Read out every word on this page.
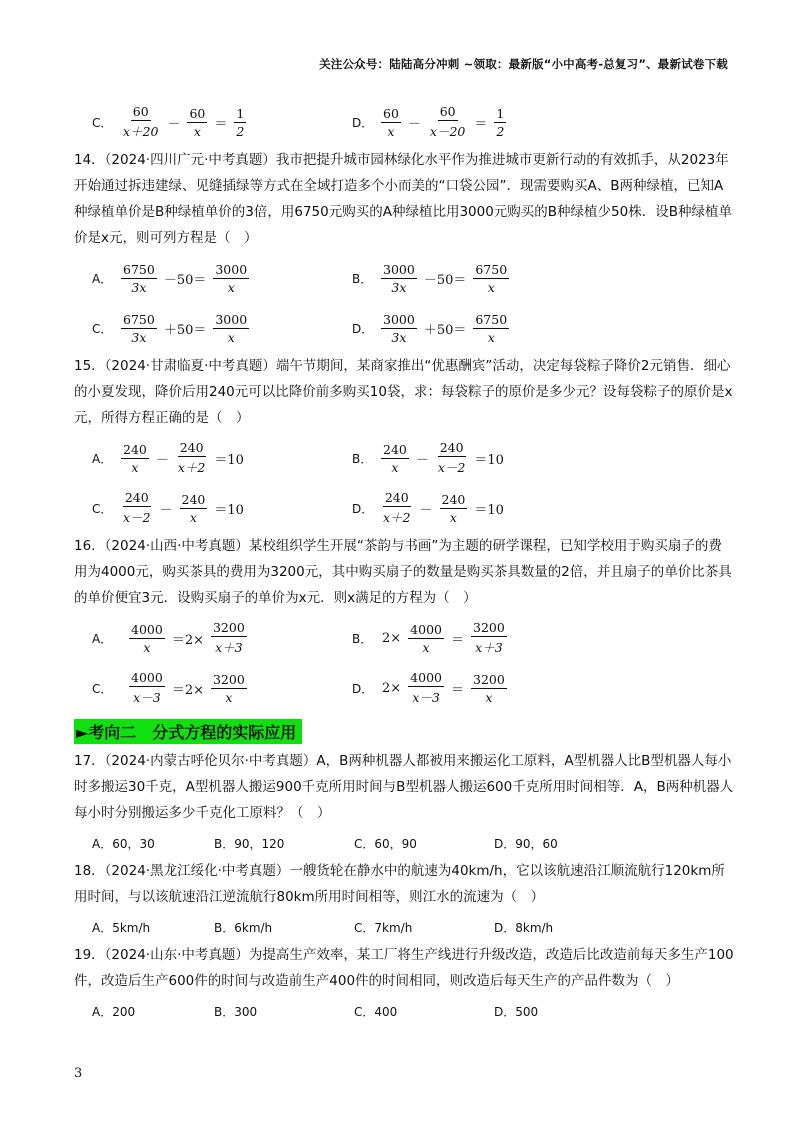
关注公众号：陆陆高分冲刺 ~领取：最新版“小中高考-总复习”、最新试卷下载
C． $\frac{60}{x+20} - \frac{60}{x} = \frac{1}{2}$	D． $\frac{60}{x} - \frac{60}{x-20} = \frac{1}{2}$

14．（2024·四川广元·中考真题）我市把提升城市园林绿化水平作为推进城市更新行动的有效抓手，从2023年开始通过拆违建绿、见缝插绿等方式在全域打造多个小而美的“口袋公园”．现需要购买A、B两种绿植，已知A种绿植单价是B种绿植单价的3倍，用6750元购买的A种绿植比用3000元购买的B种绿植少50株．设B种绿植单价是x元，则可列方程是（　）

A． $\frac{6750}{3x} -50= \frac{3000}{x}$	B． $\frac{3000}{3x} -50= \frac{6750}{x}$
C． $\frac{6750}{3x} +50= \frac{3000}{x}$	D． $\frac{3000}{3x} +50= \frac{6750}{x}$

15．（2024·甘肃临夏·中考真题）端午节期间，某商家推出“优惠酬宾”活动，决定每袋粽子降价2元销售．细心的小夏发现，降价后用240元可以比降价前多购买10袋，求：每袋粽子的原价是多少元？设每袋粽子的原价是x元，所得方程正确的是（　）

A． $\frac{240}{x} - \frac{240}{x+2} =10$	B． $\frac{240}{x} - \frac{240}{x-2} =10$
C． $\frac{240}{x-2} - \frac{240}{x} =10$	D． $\frac{240}{x+2} - \frac{240}{x} =10$

16．（2024·山西·中考真题）某校组织学生开展“茶韵与书画”为主题的研学课程，已知学校用于购买扇子的费用为4000元，购买茶具的费用为3200元，其中购买扇子的数量是购买茶具数量的2倍，并且扇子的单价比茶具的单价便宜3元．设购买扇子的单价为x元．则x满足的方程为（　）

A．	$\frac{4000}{x} =2\times \frac{3200}{x+3}$	B． $2\times \frac{4000}{x} = \frac{3200}{x+3}$
C．	$\frac{4000}{x-3} =2\times \frac{3200}{x}$	D． $2\times \frac{4000}{x-3} = \frac{3200}{x}$
►考向二　分式方程的实际应用

17．（2024·内蒙古呼伦贝尔·中考真题）A，B两种机器人都被用来搬运化工原料，A型机器人比B型机器人每小时多搬运30千克，A型机器人搬运900千克所用时间与B型机器人搬运600千克所用时间相等．A，B两种机器人每小时分别搬运多少千克化工原料？（　）

A．60，30	B．90，120	C．60，90	D．90，60

18．（2024·黑龙江绥化·中考真题）一艘货轮在静水中的航速为40km/h，它以该航速沿江顺流航行120km所用时间，与以该航速沿江逆流航行80km所用时间相等，则江水的流速为（　）

A．5km/h	B．6km/h	C．7km/h	D．8km/h

19．（2024·山东·中考真题）为提高生产效率，某工厂将生产线进行升级改造，改造后比改造前每天多生产100件，改造后生产600件的时间与改造前生产400件的时间相同，则改造后每天生产的产品件数为（　）

A．200	B．300	C．400	D．500
3
